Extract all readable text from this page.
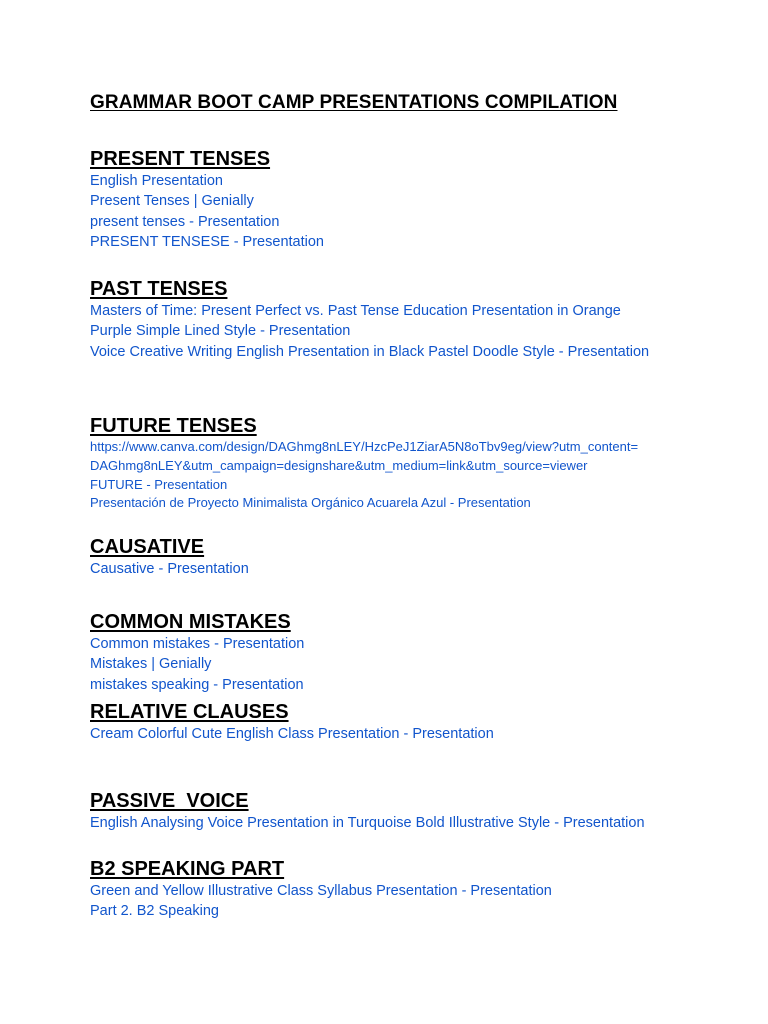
GRAMMAR BOOT CAMP PRESENTATIONS COMPILATION
PRESENT TENSES
English Presentation
Present Tenses | Genially
present tenses - Presentation
PRESENT TENSESE - Presentation
PAST TENSES
Masters of Time: Present Perfect vs. Past Tense Education Presentation in Orange
Purple Simple Lined Style - Presentation
Voice Creative Writing English Presentation in Black Pastel Doodle Style - Presentation
FUTURE TENSES
https://www.canva.com/design/DAGhmg8nLEY/HzcPeJ1ZiarA5N8oTbv9eg/view?utm_content=
DAGhmg8nLEY&utm_campaign=designshare&utm_medium=link&utm_source=viewer
FUTURE - Presentation
Presentación de Proyecto Minimalista Orgánico Acuarela Azul - Presentation
CAUSATIVE
Causative - Presentation
COMMON MISTAKES
Common mistakes - Presentation
Mistakes | Genially
mistakes speaking - Presentation
RELATIVE CLAUSES
Cream Colorful Cute English Class Presentation - Presentation
PASSIVE  VOICE
English Analysing Voice Presentation in Turquoise Bold Illustrative Style - Presentation
B2 SPEAKING PART
Green and Yellow Illustrative Class Syllabus Presentation - Presentation
Part 2. B2 Speaking
